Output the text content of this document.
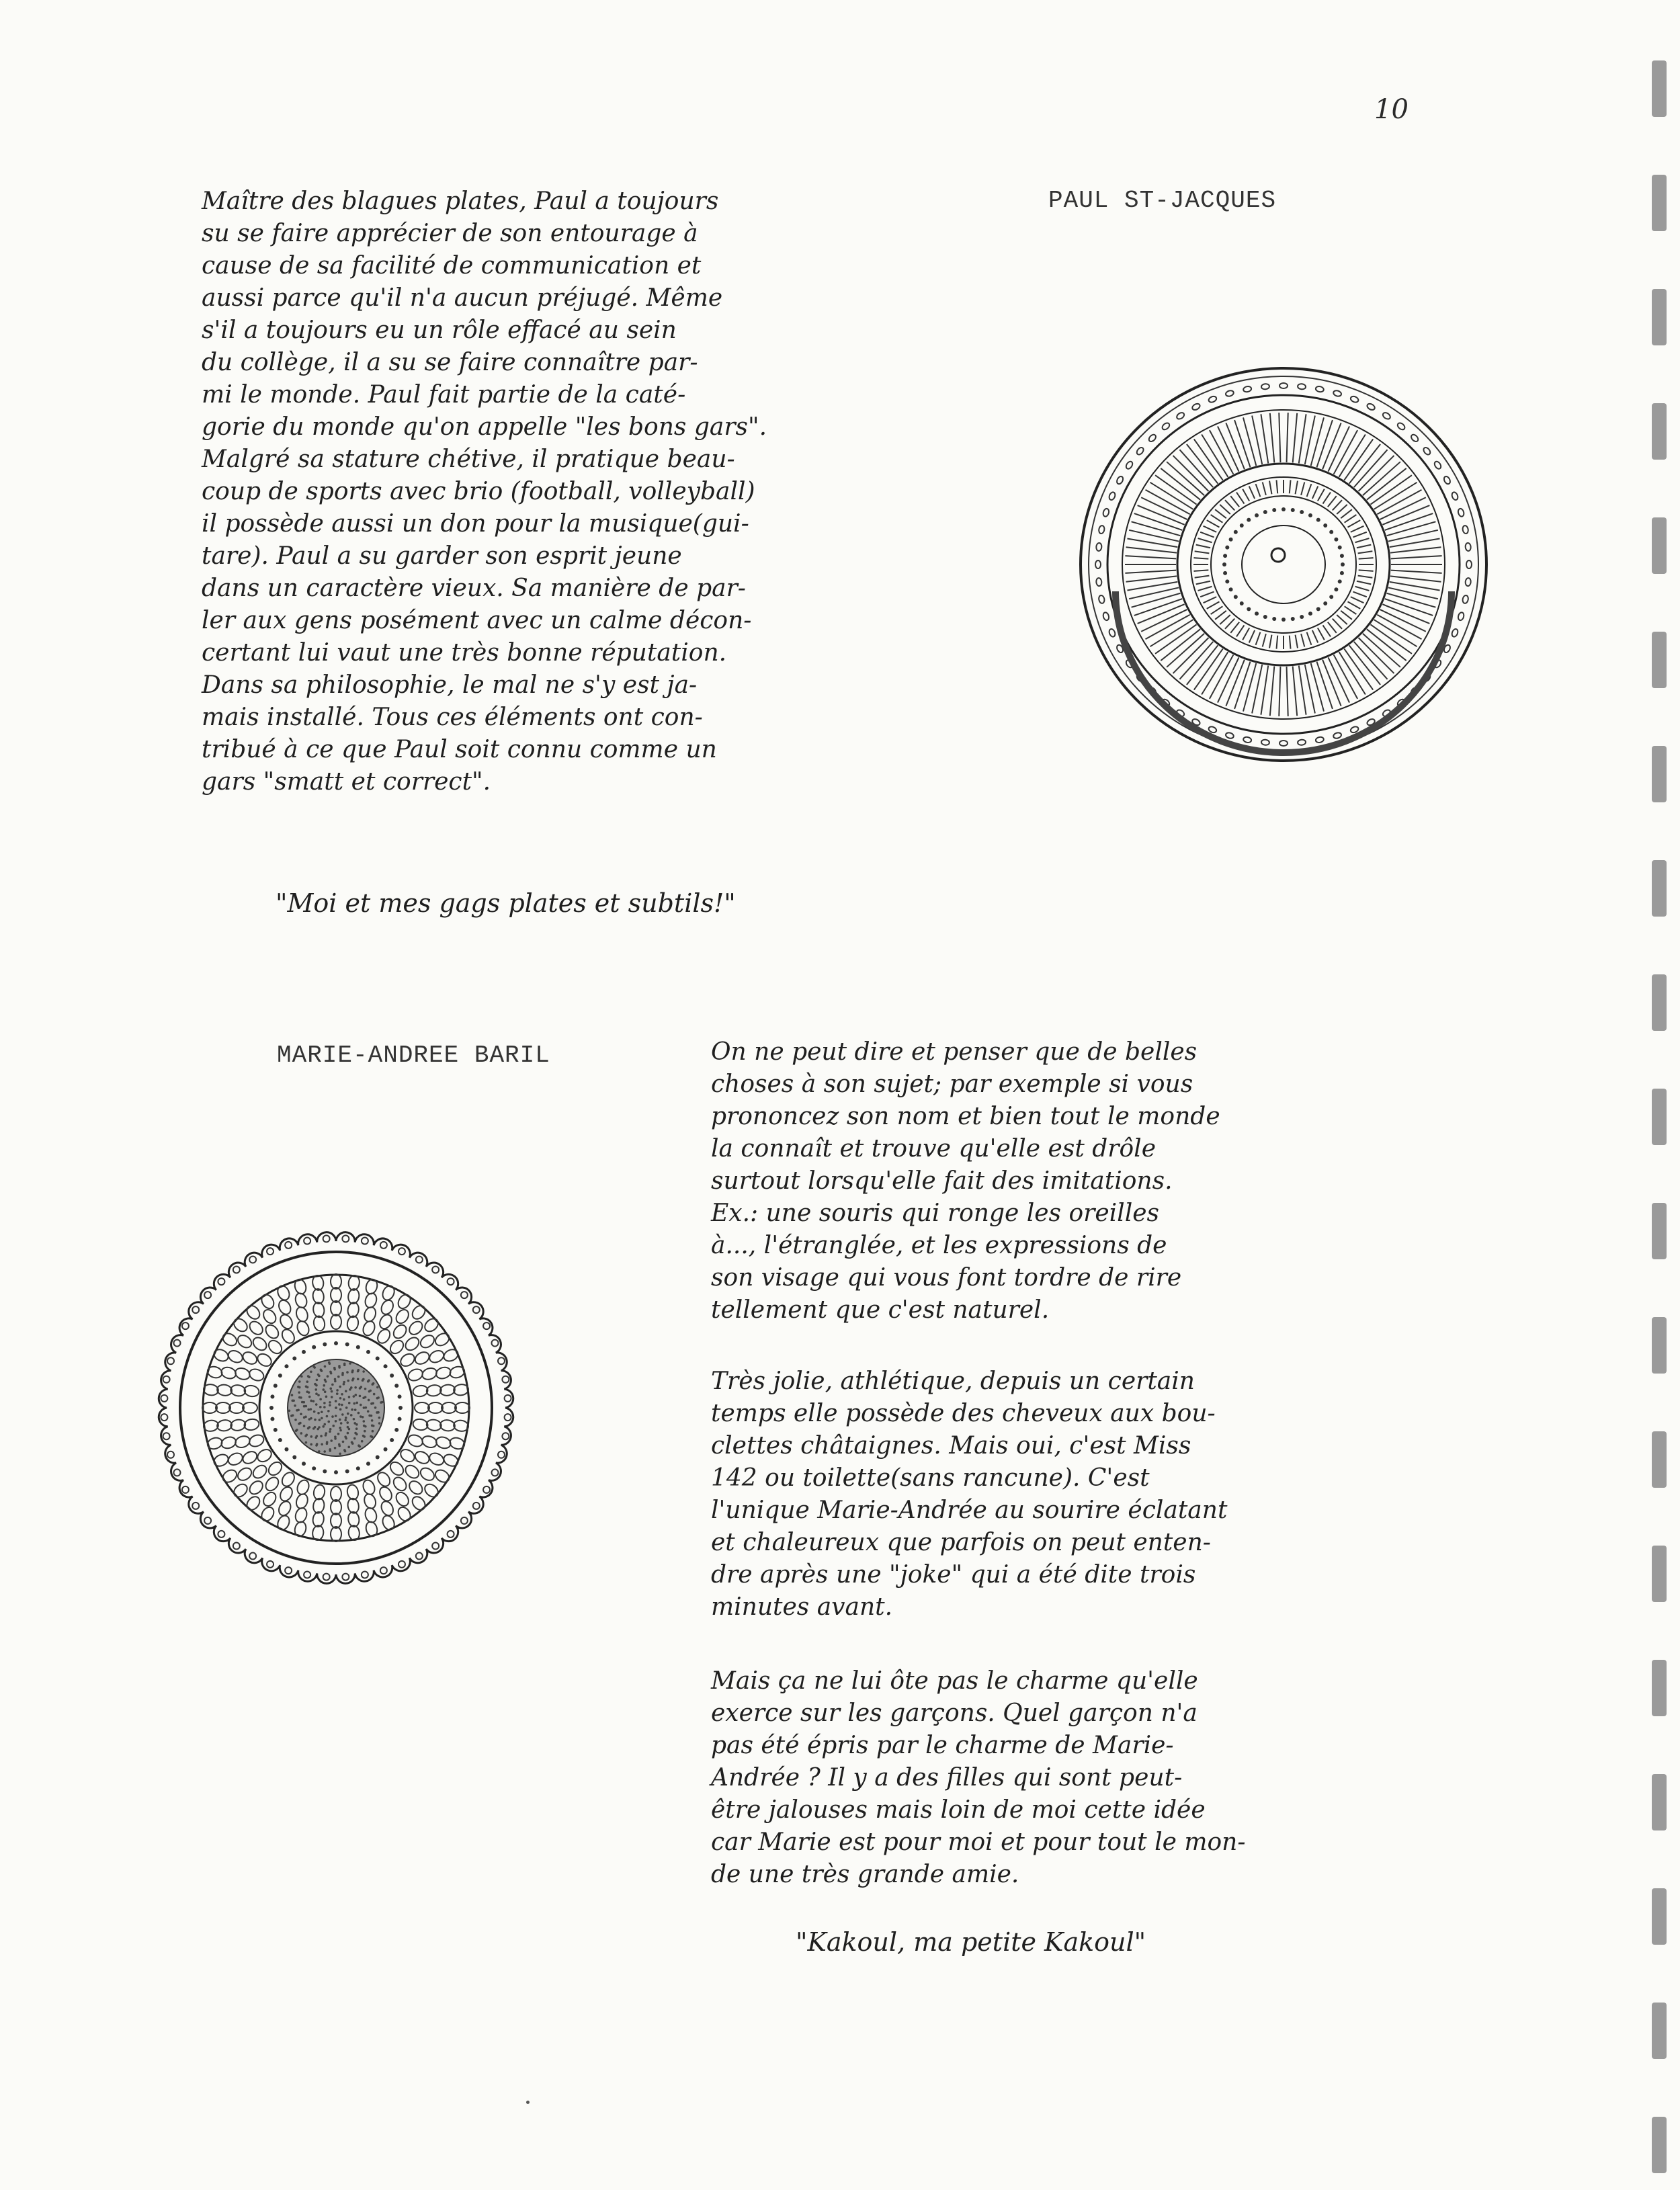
10
Maître des blagues plates, Paul a toujours
su se faire apprécier de son entourage à
cause de sa facilité de communication et
aussi parce qu'il n'a aucun préjugé. Même
s'il a toujours eu un rôle effacé au sein
du collège, il a su se faire connaître par-
mi le monde. Paul fait partie de la caté-
gorie du monde qu'on appelle "les bons gars".
Malgré sa stature chétive, il pratique beau-
coup de sports avec brio (football, volleyball)
il possède aussi un don pour la musique(gui-
tare). Paul a su garder son esprit jeune
dans un caractère vieux. Sa manière de par-
ler aux gens posément avec un calme décon-
certant lui vaut une très bonne réputation.
Dans sa philosophie, le mal ne s'y est ja-
mais installé. Tous ces éléments ont con-
tribué à ce que Paul soit connu comme un
gars "smatt et correct".
PAUL ST-JACQUES
"Moi et mes gags plates et subtils!"
MARIE-ANDREE BARIL	On ne peut dire et penser que de belles
choses à son sujet; par exemple si vous
prononcez son nom et bien tout le monde
la connaît et trouve qu'elle est drôle
surtout lorsqu'elle fait des imitations.
Ex.: une souris qui ronge les oreilles
à..., l'étranglée, et les expressions de
son visage qui vous font tordre de rire
tellement que c'est naturel.
Très jolie, athlétique, depuis un certain
temps elle possède des cheveux aux bou-
clettes châtaignes. Mais oui, c'est Miss
142 ou toilette(sans rancune). C'est
l'unique Marie-Andrée au sourire éclatant
et chaleureux que parfois on peut enten-
dre après une "joke" qui a été dite trois
minutes avant.
Mais ça ne lui ôte pas le charme qu'elle
exerce sur les garçons. Quel garçon n'a
pas été épris par le charme de Marie-
Andrée ? Il y a des filles qui sont peut-
être jalouses mais loin de moi cette idée
car Marie est pour moi et pour tout le mon-
de une très grande amie.
"Kakoul, ma petite Kakoul"
